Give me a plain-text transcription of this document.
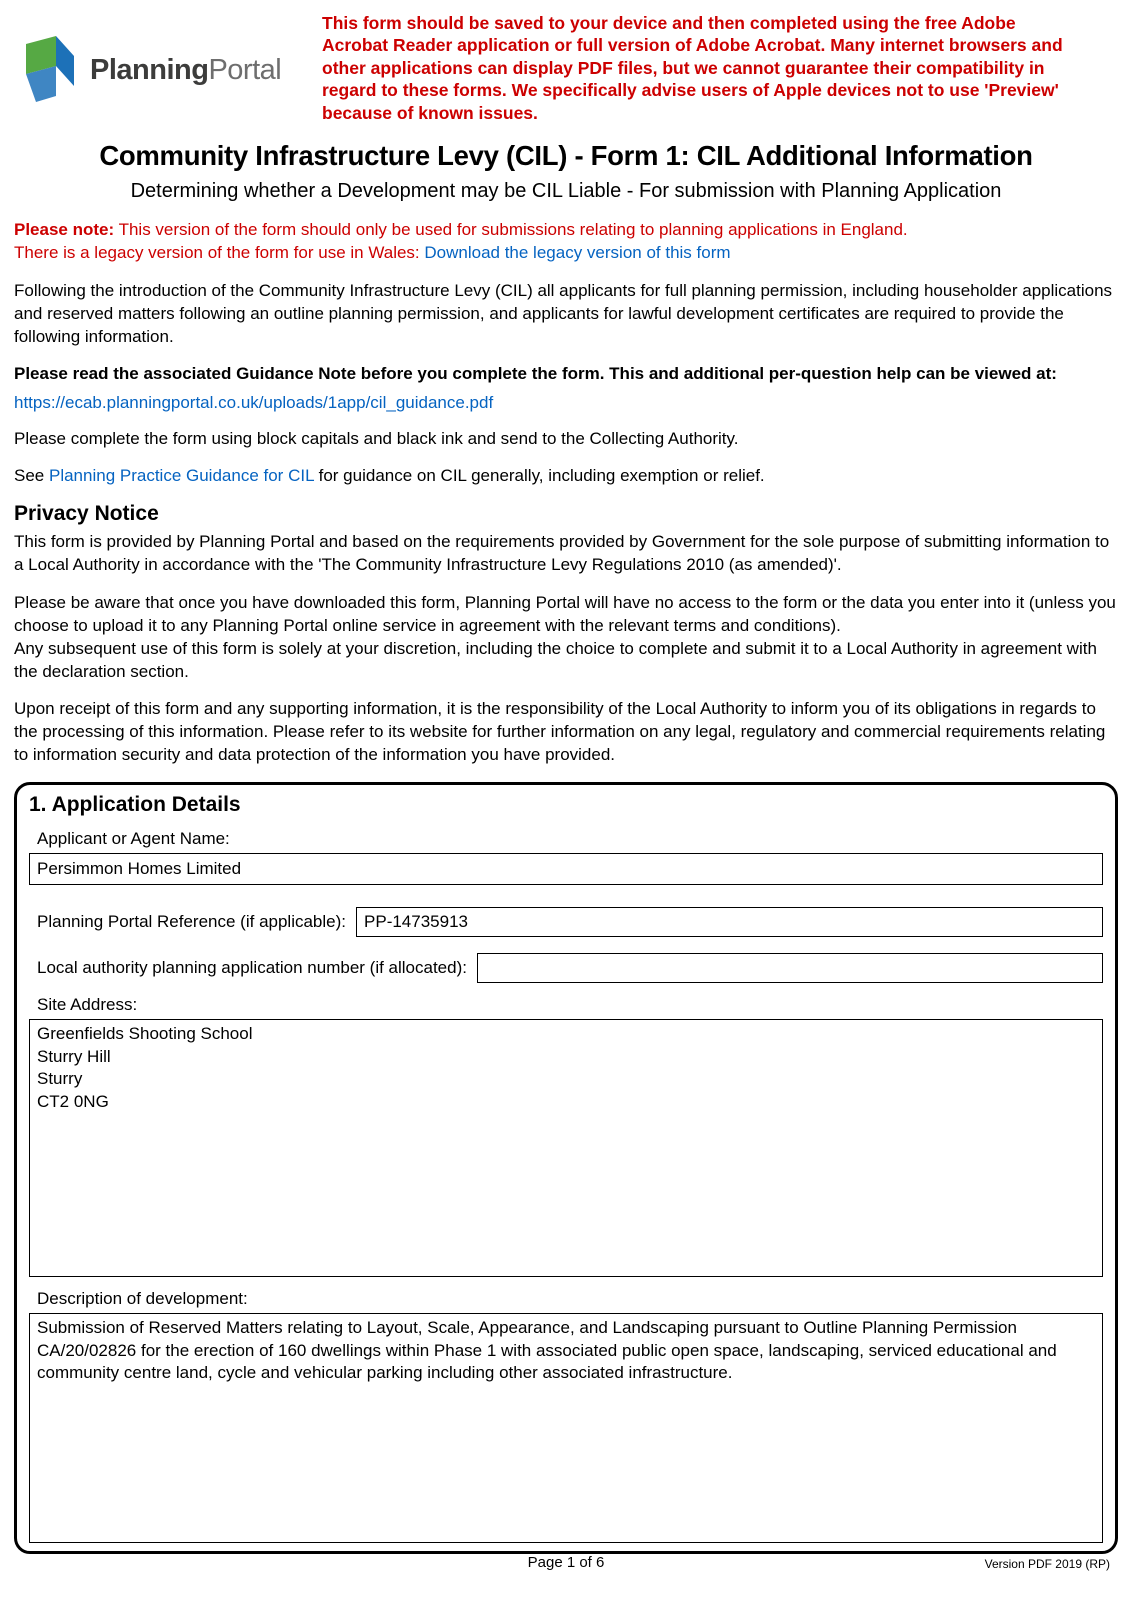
PlanningPortal
This form should be saved to your device and then completed using the free Adobe Acrobat Reader application or full version of Adobe Acrobat. Many internet browsers and other applications can display PDF files, but we cannot guarantee their compatibility in regard to these forms. We specifically advise users of Apple devices not to use 'Preview' because of known issues.
Community Infrastructure Levy (CIL) - Form 1: CIL Additional Information
Determining whether a Development may be CIL Liable - For submission with Planning Application
Please note: This version of the form should only be used for submissions relating to planning applications in England.
There is a legacy version of the form for use in Wales: Download the legacy version of this form
Following the introduction of the Community Infrastructure Levy (CIL) all applicants for full planning permission, including householder applications and reserved matters following an outline planning permission, and applicants for lawful development certificates are required to provide the following information.
Please read the associated Guidance Note before you complete the form. This and additional per-question help can be viewed at:
https://ecab.planningportal.co.uk/uploads/1app/cil_guidance.pdf
Please complete the form using block capitals and black ink and send to the Collecting Authority.
See Planning Practice Guidance for CIL for guidance on CIL generally, including exemption or relief.
Privacy Notice
This form is provided by Planning Portal and based on the requirements provided by Government for the sole purpose of submitting information to a Local Authority in accordance with the 'The Community Infrastructure Levy Regulations 2010 (as amended)'.
Please be aware that once you have downloaded this form, Planning Portal will have no access to the form or the data you enter into it (unless you choose to upload it to any Planning Portal online service in agreement with the relevant terms and conditions).
Any subsequent use of this form is solely at your discretion, including the choice to complete and submit it to a Local Authority in agreement with the declaration section.
Upon receipt of this form and any supporting information, it is the responsibility of the Local Authority to inform you of its obligations in regards to the processing of this information. Please refer to its website for further information on any legal, regulatory and commercial requirements relating to information security and data protection of the information you have provided.
1. Application Details
Applicant or Agent Name:
Persimmon Homes Limited
Planning Portal Reference (if applicable):
PP-14735913
Local authority planning application number (if allocated):
Site Address:
Greenfields Shooting School Sturry Hill Sturry CT2 0NG
Description of development:
Submission of Reserved Matters relating to Layout, Scale, Appearance, and Landscaping pursuant to Outline Planning Permission CA/20/02826 for the erection of 160 dwellings within Phase 1 with associated public open space, landscaping, serviced educational and community centre land, cycle and vehicular parking including other associated infrastructure.
Page 1 of 6	Version PDF 2019 (RP)
